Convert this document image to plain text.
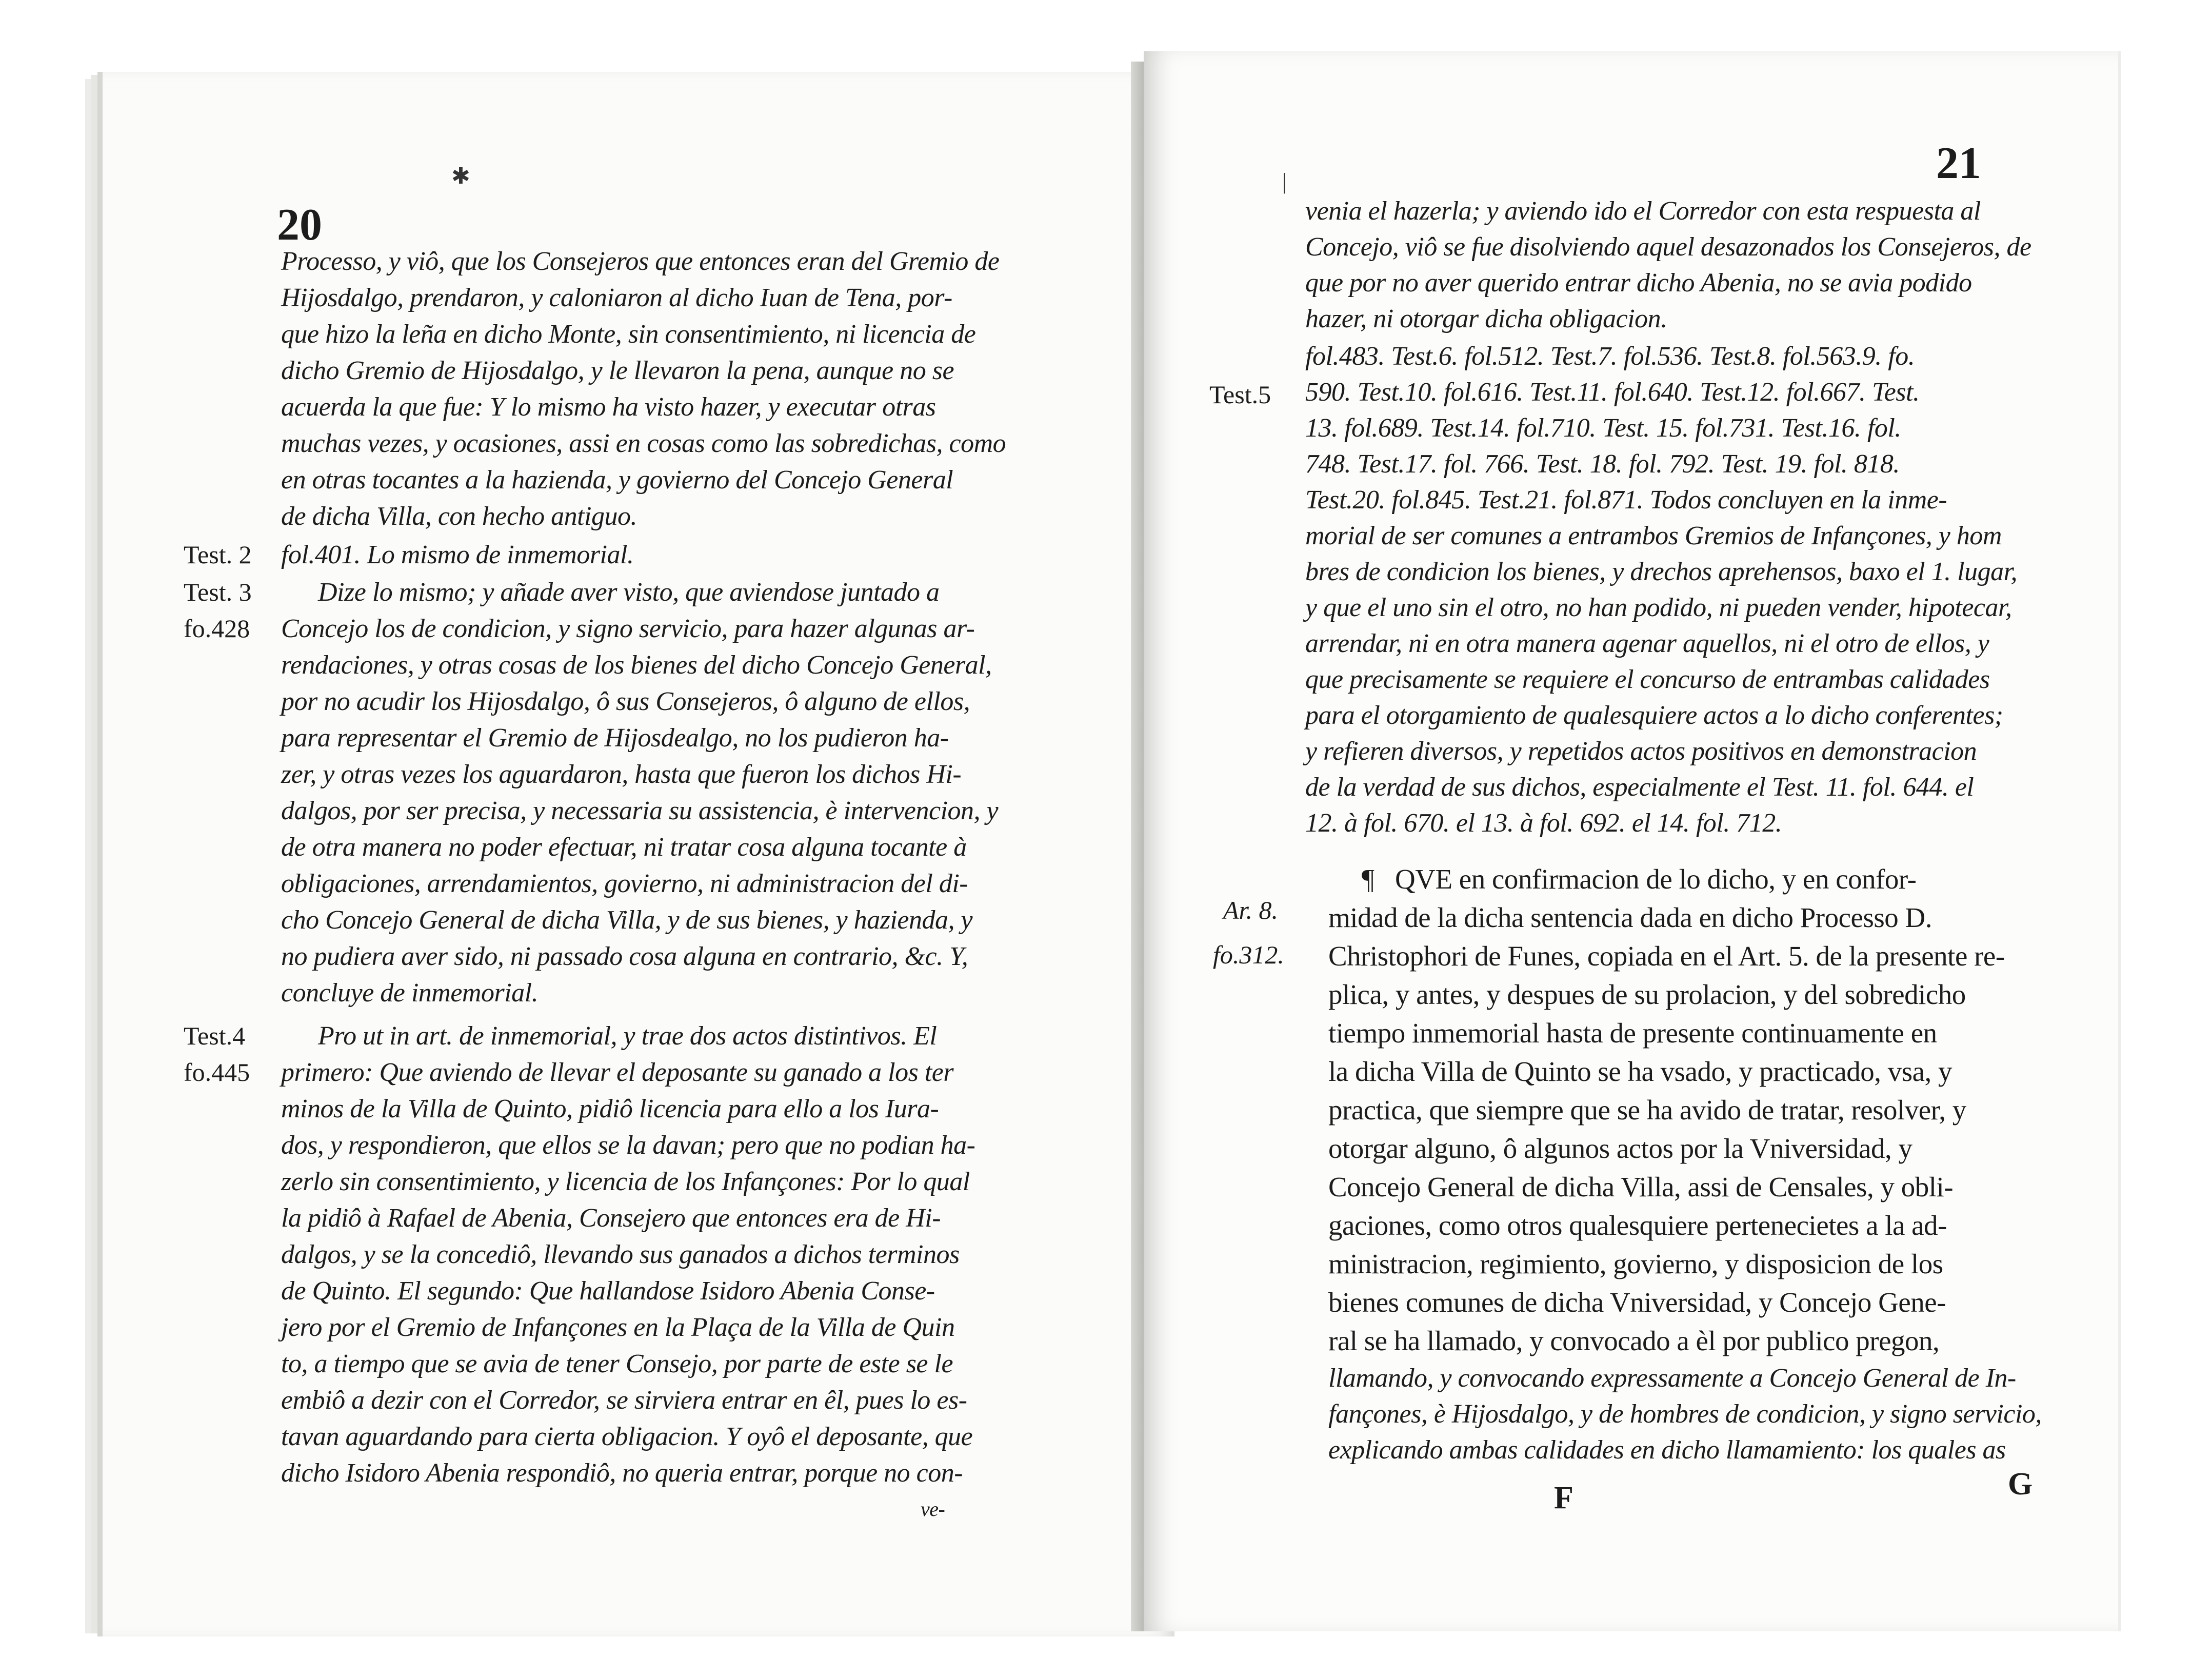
✱
20
Processo, y viô, que los Consejeros que entonces eran del Gremio de
Hijosdalgo, prendaron, y caloniaron al dicho Iuan de Tena, por-
que hizo la leña en dicho Monte, sin consentimiento, ni licencia de
dicho Gremio de Hijosdalgo, y le llevaron la pena, aunque no se
acuerda la que fue: Y lo mismo ha visto hazer, y executar otras
muchas vezes, y ocasiones, assi en cosas como las sobredichas, como
en otras tocantes a la hazienda, y govierno del Concejo General
de dicha Villa, con hecho antiguo.
fol.401. Lo mismo de inmemorial.
Dize lo mismo; y añade aver visto, que aviendose juntado a
Concejo los de condicion, y signo servicio, para hazer algunas ar-
rendaciones, y otras cosas de los bienes del dicho Concejo General,
por no acudir los Hijosdalgo, ô sus Consejeros, ô alguno de ellos,
para representar el Gremio de Hijosdealgo, no los pudieron ha-
zer, y otras vezes los aguardaron, hasta que fueron los dichos Hi-
dalgos, por ser precisa, y necessaria su assistencia, è intervencion, y
de otra manera no poder efectuar, ni tratar cosa alguna tocante à
obligaciones, arrendamientos, govierno, ni administracion del di-
cho Concejo General de dicha Villa, y de sus bienes, y hazienda, y
no pudiera aver sido, ni passado cosa alguna en contrario, &c. Y,
concluye de inmemorial.
Pro ut in art. de inmemorial, y trae dos actos distintivos. El
primero: Que aviendo de llevar el deposante su ganado a los ter
minos de la Villa de Quinto, pidiô licencia para ello a los Iura-
dos, y respondieron, que ellos se la davan; pero que no podian ha-
zerlo sin consentimiento, y licencia de los Infançones: Por lo qual
la pidiô à Rafael de Abenia, Consejero que entonces era de Hi-
dalgos, y se la concediô, llevando sus ganados a dichos terminos
de Quinto. El segundo: Que hallandose Isidoro Abenia Conse-
jero por el Gremio de Infançones en la Plaça de la Villa de Quin
to, a tiempo que se avia de tener Consejo, por parte de este se le
embiô a dezir con el Corredor, se sirviera entrar en êl, pues lo es-
tavan aguardando para cierta obligacion. Y oyô el deposante, que
dicho Isidoro Abenia respondiô, no queria entrar, porque no con-
ve-
Test. 2
Test. 3
fo.428
Test.4
fo.445
21
venia el hazerla; y aviendo ido el Corredor con esta respuesta al
Concejo, viô se fue disolviendo aquel desazonados los Consejeros, de
que por no aver querido entrar dicho Abenia, no se avia podido
hazer, ni otorgar dicha obligacion.
fol.483. Test.6. fol.512. Test.7. fol.536. Test.8. fol.563.9. fo.
590. Test.10. fol.616. Test.11. fol.640. Test.12. fol.667. Test.
13. fol.689. Test.14. fol.710. Test. 15. fol.731. Test.16. fol.
748. Test.17. fol. 766. Test. 18. fol. 792. Test. 19. fol. 818.
Test.20. fol.845. Test.21. fol.871. Todos concluyen en la inme-
morial de ser comunes a entrambos Gremios de Infançones, y hom
bres de condicion los bienes, y drechos aprehensos, baxo el 1. lugar,
y que el uno sin el otro, no han podido, ni pueden vender, hipotecar,
arrendar, ni en otra manera agenar aquellos, ni el otro de ellos, y
que precisamente se requiere el concurso de entrambas calidades
para el otorgamiento de qualesquiere actos a lo dicho conferentes;
y refieren diversos, y repetidos actos positivos en demonstracion
de la verdad de sus dichos, especialmente el Test. 11. fol. 644. el
12. à fol. 670. el 13. à fol. 692. el 14. fol. 712.
¶ QVE en confirmacion de lo dicho, y en confor-
midad de la dicha sentencia dada en dicho Processo D.
Christophori de Funes, copiada en el Art. 5. de la presente re-
plica, y antes, y despues de su prolacion, y del sobredicho
tiempo inmemorial hasta de presente continuamente en
la dicha Villa de Quinto se ha vsado, y practicado, vsa, y
practica, que siempre que se ha avido de tratar, resolver, y
otorgar alguno, ô algunos actos por la Vniversidad, y
Concejo General de dicha Villa, assi de Censales, y obli-
gaciones, como otros qualesquiere pertenecietes a la ad-
ministracion, regimiento, govierno, y disposicion de los
bienes comunes de dicha Vniversidad, y Concejo Gene-
ral se ha llamado, y convocado a èl por publico pregon,
llamando, y convocando expressamente a Concejo General de In-
fançones, è Hijosdalgo, y de hombres de condicion, y signo servicio,
explicando ambas calidades en dicho llamamiento: los quales as
F	G
Test.5
Ar. 8.
fo.312.
|
